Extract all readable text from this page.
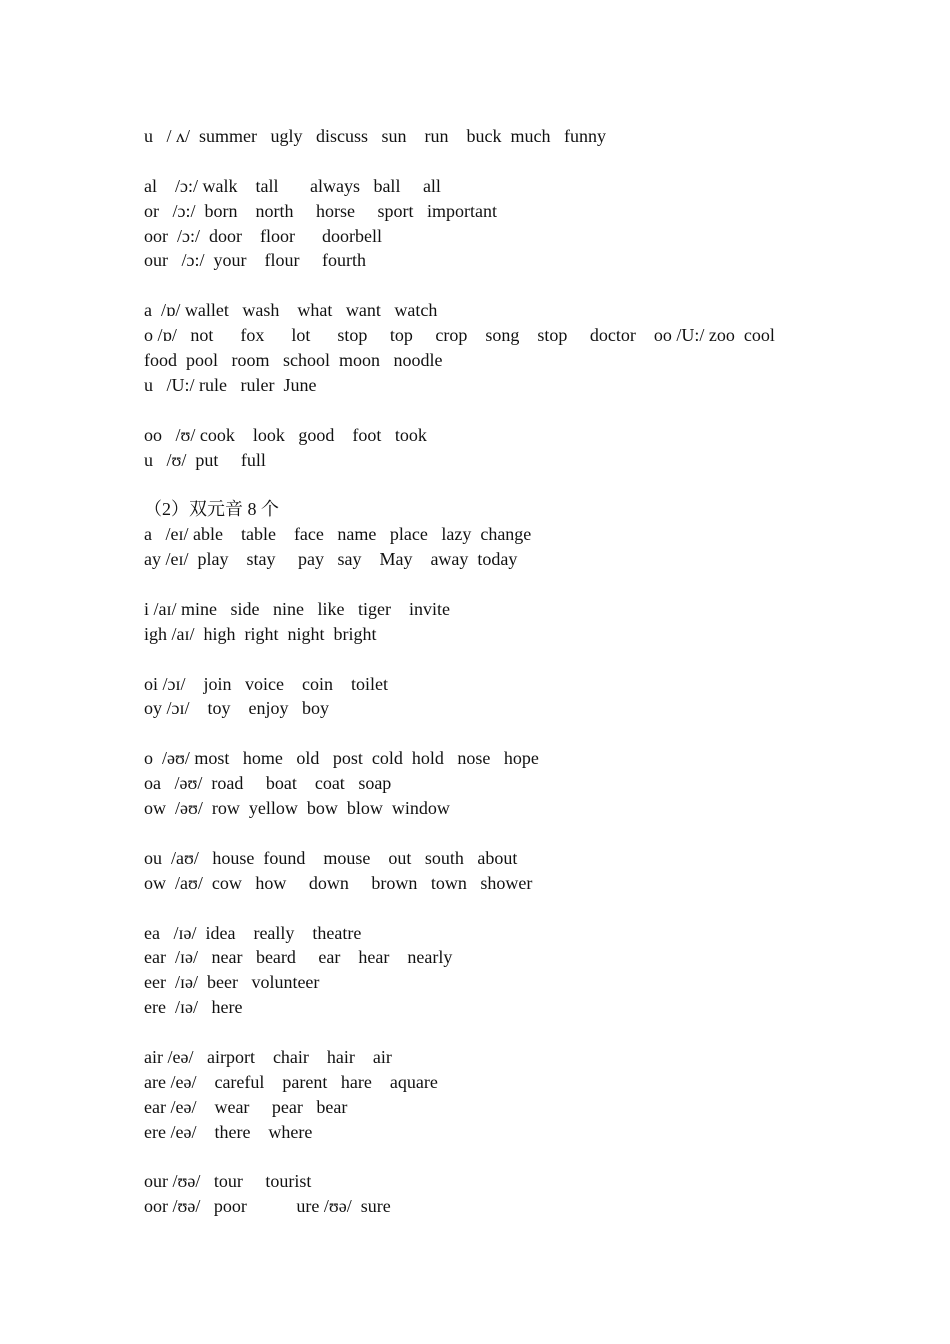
u   / ʌ/  summer   ugly   discuss   sun    run    buck  much   funny
al    /ɔ:/ walk    tall       always   ball     all
or   /ɔ:/  born    north     horse     sport   important
oor  /ɔ:/  door    floor      doorbell
our   /ɔ:/  your    flour     fourth
a  /ɒ/ wallet   wash    what   want   watch
o /ɒ/   not      fox      lot      stop     top     crop    song    stop     doctor    oo /U:/ zoo  cool
food  pool   room   school  moon   noodle
u   /U:/ rule   ruler  June
oo   /ʊ/ cook    look   good    foot   took
u   /ʊ/  put     full
（2）双元音 8 个
a   /eɪ/ able    table    face   name   place   lazy  change
ay /eɪ/  play    stay     pay   say    May    away  today
i /aɪ/ mine   side   nine   like   tiger    invite
igh /aɪ/  high  right  night  bright
oi /ɔɪ/    join   voice    coin    toilet
oy /ɔɪ/    toy    enjoy   boy
o  /əʊ/ most   home   old   post  cold  hold   nose   hope
oa   /əʊ/  road     boat    coat   soap
ow  /əʊ/  row  yellow  bow  blow  window
ou  /aʊ/   house  found    mouse    out   south   about
ow  /aʊ/  cow   how     down     brown   town   shower
ea   /ɪə/  idea    really    theatre
ear  /ɪə/   near   beard     ear    hear    nearly
eer  /ɪə/  beer   volunteer
ere  /ɪə/   here
air /eə/   airport    chair    hair    air
are /eə/    careful    parent   hare    aquare
ear /eə/    wear     pear   bear
ere /eə/    there    where
our /ʊə/   tour     tourist
oor /ʊə/   poor           ure /ʊə/  sure
